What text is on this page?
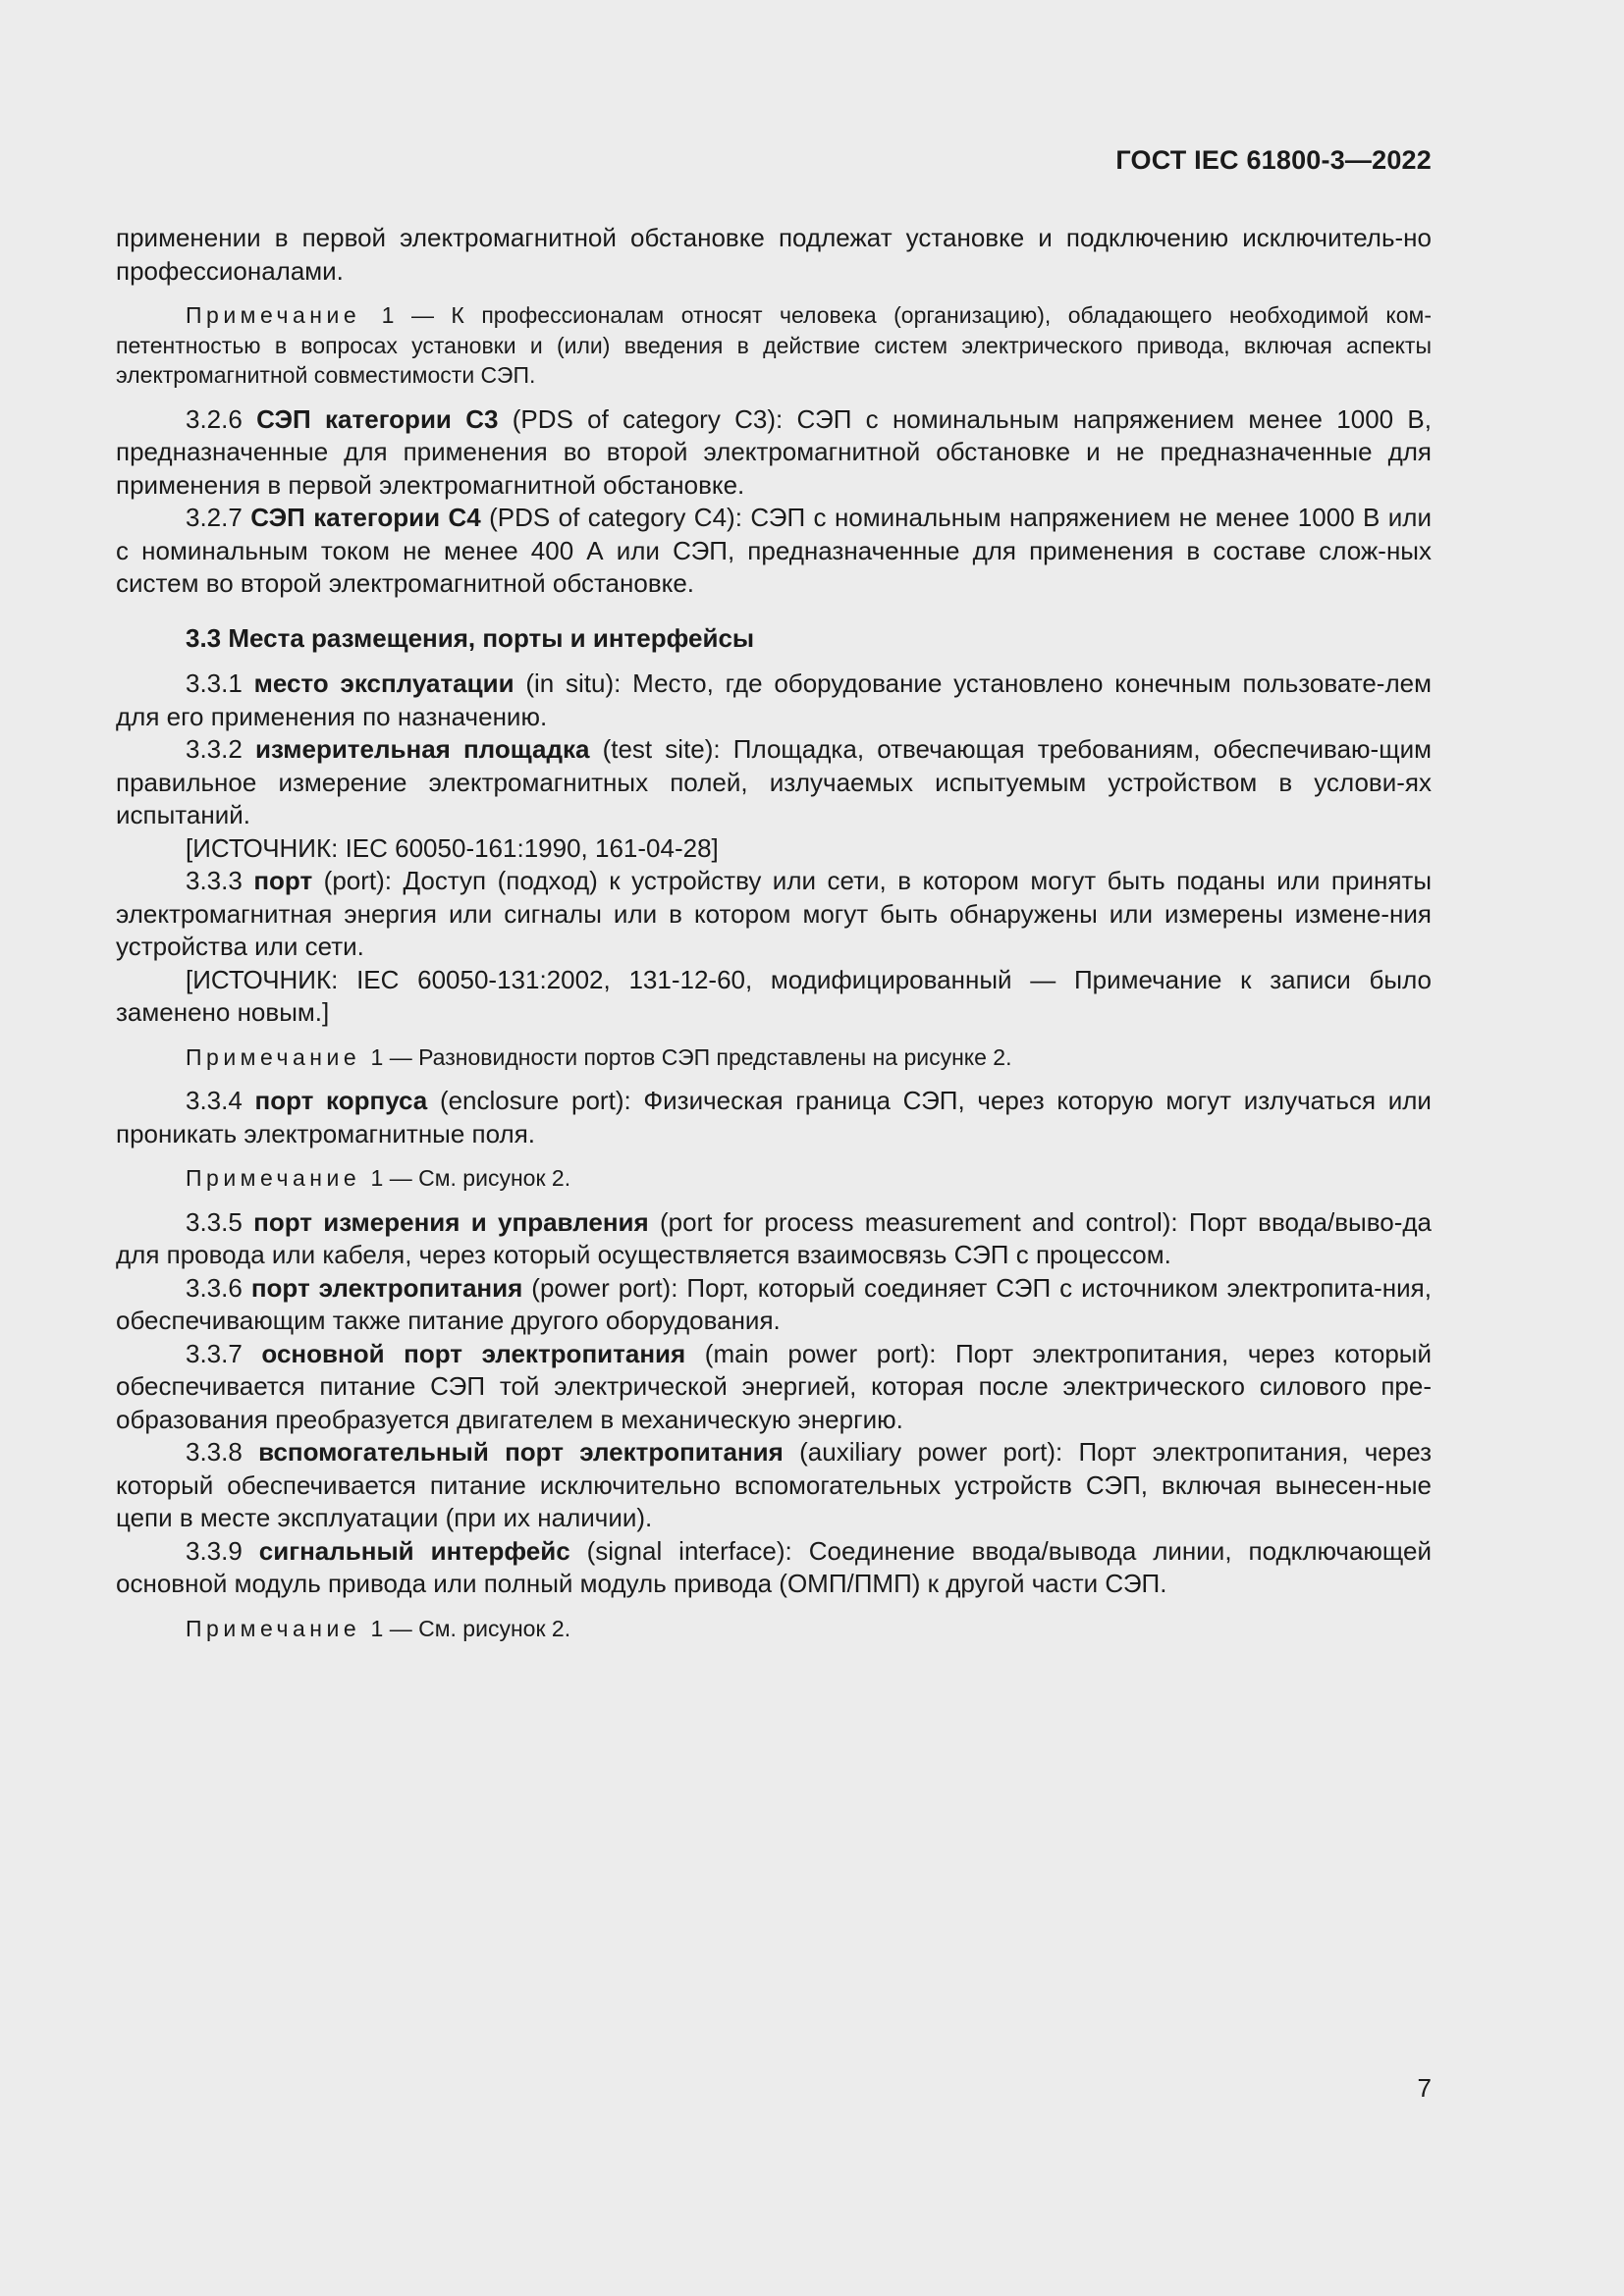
ГОСТ IEC 61800-3—2022

применении в первой электромагнитной обстановке подлежат установке и подключению исключитель-но профессионалами.

Примечание 1 — К профессионалам относят человека (организацию), обладающего необходимой ком-петентностью в вопросах установки и (или) введения в действие систем электрического привода, включая аспекты электромагнитной совместимости СЭП.

3.2.6 СЭП категории С3 (PDS of category C3): СЭП с номинальным напряжением менее 1000 В, предназначенные для применения во второй электромагнитной обстановке и не предназначенные для применения в первой электромагнитной обстановке.

3.2.7 СЭП категории С4 (PDS of category C4): СЭП с номинальным напряжением не менее 1000 В или с номинальным током не менее 400 А или СЭП, предназначенные для применения в составе слож-ных систем во второй электромагнитной обстановке.

3.3 Места размещения, порты и интерфейсы

3.3.1 место эксплуатации (in situ): Место, где оборудование установлено конечным пользовате-лем для его применения по назначению.

3.3.2 измерительная площадка (test site): Площадка, отвечающая требованиям, обеспечиваю-щим правильное измерение электромагнитных полей, излучаемых испытуемым устройством в услови-ях испытаний.

[ИСТОЧНИК: IEC 60050-161:1990, 161-04-28]

3.3.3 порт (port): Доступ (подход) к устройству или сети, в котором могут быть поданы или приняты электромагнитная энергия или сигналы или в котором могут быть обнаружены или измерены измене-ния устройства или сети.

[ИСТОЧНИК: IEC 60050-131:2002, 131-12-60, модифицированный — Примечание к записи было заменено новым.]

Примечание 1 — Разновидности портов СЭП представлены на рисунке 2.

3.3.4 порт корпуса (enclosure port): Физическая граница СЭП, через которую могут излучаться или проникать электромагнитные поля.

Примечание 1 — См. рисунок 2.

3.3.5 порт измерения и управления (port for process measurement and control): Порт ввода/выво-да для провода или кабеля, через который осуществляется взаимосвязь СЭП с процессом.

3.3.6 порт электропитания (power port): Порт, который соединяет СЭП с источником электропита-ния, обеспечивающим также питание другого оборудования.

3.3.7 основной порт электропитания (main power port): Порт электропитания, через который обеспечивается питание СЭП той электрической энергией, которая после электрического силового пре-образования преобразуется двигателем в механическую энергию.

3.3.8 вспомогательный порт электропитания (auxiliary power port): Порт электропитания, через который обеспечивается питание исключительно вспомогательных устройств СЭП, включая вынесен-ные цепи в месте эксплуатации (при их наличии).

3.3.9 сигнальный интерфейс (signal interface): Соединение ввода/вывода линии, подключающей основной модуль привода или полный модуль привода (ОМП/ПМП) к другой части СЭП.

Примечание 1 — См. рисунок 2.

7
